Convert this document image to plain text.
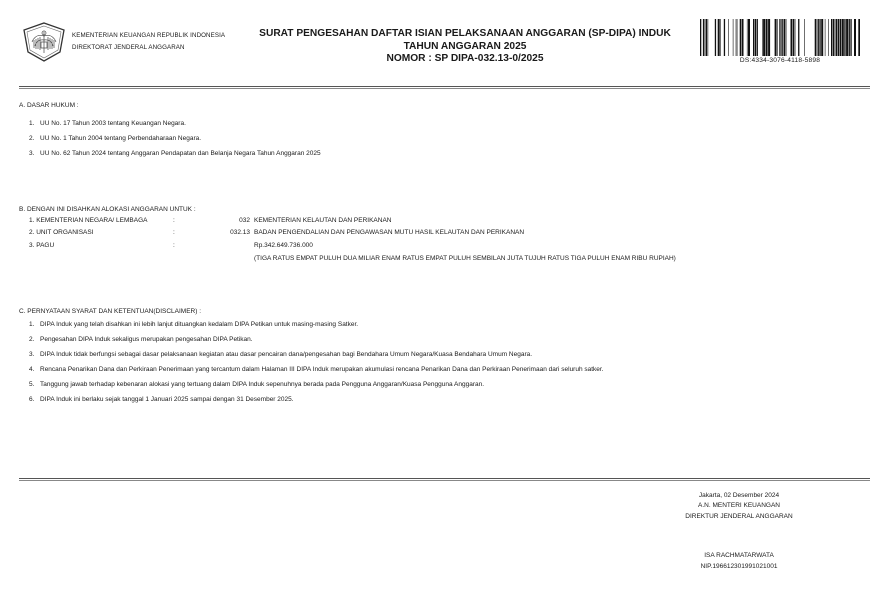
KEMENTERIAN KEUANGAN REPUBLIK INDONESIA
DIREKTORAT JENDERAL ANGGARAN
SURAT PENGESAHAN DAFTAR ISIAN PELAKSANAAN ANGGARAN (SP-DIPA) INDUK
TAHUN ANGGARAN 2025
NOMOR : SP DIPA-032.13-0/2025	DS:4334-3076-4118-5898
A. DASAR HUKUM :
1. UU No. 17 Tahun 2003 tentang Keuangan Negara.
2. UU No. 1 Tahun 2004 tentang Perbendaharaan Negara.
3. UU No. 62 Tahun 2024 tentang Anggaran Pendapatan dan Belanja Negara Tahun Anggaran 2025
B. DENGAN INI DISAHKAN ALOKASI ANGGARAN UNTUK :
1. KEMENTERIAN NEGARA/ LEMBAGA	:	032 KEMENTERIAN KELAUTAN DAN PERIKANAN
2. UNIT ORGANISASI	:	032.13 BADAN PENGENDALIAN DAN PENGAWASAN MUTU HASIL KELAUTAN DAN PERIKANAN
3. PAGU	:	Rp.342.649.736.000
(TIGA RATUS EMPAT PULUH DUA MILIAR ENAM RATUS EMPAT PULUH SEMBILAN JUTA TUJUH RATUS TIGA PULUH ENAM RIBU RUPIAH)
C. PERNYATAAN SYARAT DAN KETENTUAN(DISCLAIMER) :
1. DIPA Induk yang telah disahkan ini lebih lanjut dituangkan kedalam DIPA Petikan untuk masing-masing Satker.
2. Pengesahan DIPA Induk sekaligus merupakan pengesahan DIPA Petikan.
3. DIPA Induk tidak berfungsi sebagai dasar pelaksanaan kegiatan atau dasar pencairan dana/pengesahan bagi Bendahara Umum Negara/Kuasa Bendahara Umum Negara.
4. Rencana Penarikan Dana dan Perkiraan Penerimaan yang tercantum dalam Halaman III DIPA Induk merupakan akumulasi rencana Penarikan Dana dan Perkiraan Penerimaan dari seluruh satker.
5. Tanggung jawab terhadap kebenaran alokasi yang tertuang dalam DIPA Induk sepenuhnya berada pada Pengguna Anggaran/Kuasa Pengguna Anggaran.
6. DIPA Induk ini berlaku sejak tanggal 1 Januari 2025 sampai dengan 31 Desember 2025.
Jakarta, 02 Desember 2024
A.N. MENTERI KEUANGAN
DIREKTUR JENDERAL ANGGARAN
ISA RACHMATARWATA
NIP.196612301991021001
